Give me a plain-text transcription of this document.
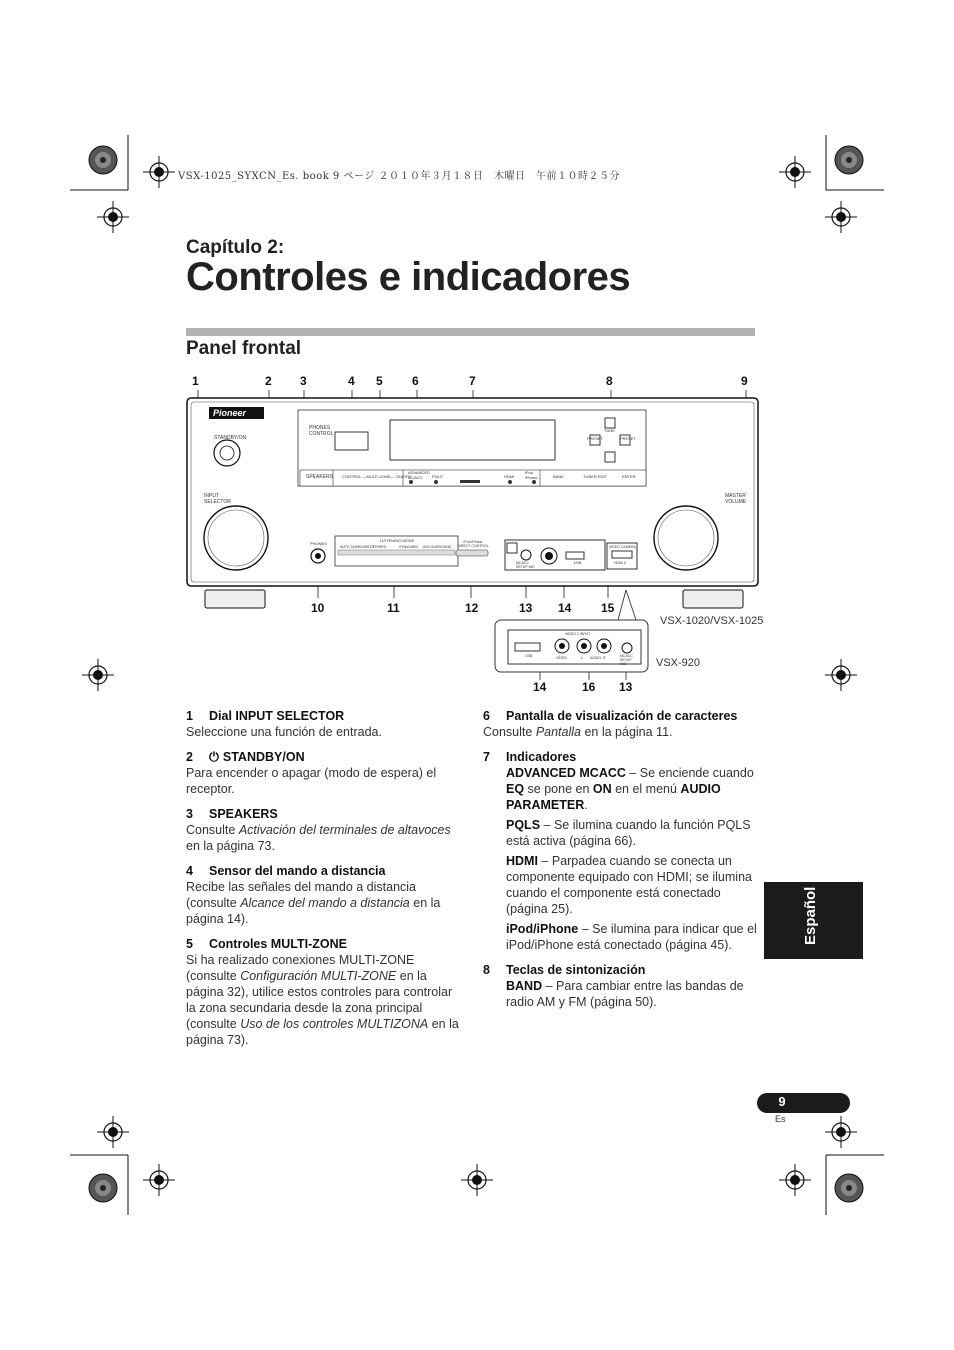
VSX-1025_SYXCN_Es. book 9 ページ ２０１０年３月１８日　木曜日　午前１０時２５分
Capítulo 2:
Controles e indicadores
Panel frontal
1	2 3	4 5 6	7	8	9
10	11	12	13 14 15
14	16 13
VSX-1020/VSX-1025
VSX-920
STANDBY/ON
PHONES CONTROL
SPEAKERS CONTROL —MULTI-ZONE— ON/OFF
ADVANCED MCACC	PQLS	HDMI
iPod iPhone	BAND	TUNER EDIT	ENTER
TUNE
PRESET	PRESET
INPUT SELECTOR
MASTER VOLUME
PHONES
LISTENING MODE
AUTO SURR/DIRECT
STEREO	STANDARD ADV SURROUND
iPod iPhone DIRECT CONTROL
MCACC SETUP MIC
USB
VIDEO CAMERA
HDMI 5
VIDEO 2 INPUT
VIDEO	L AUDIO R
USB	MCACC SETUP MIC
Pioneer
1	Dial INPUT SELECTOR
Seleccione una función de entrada.
2	⏻ STANDBY/ON
Para encender o apagar (modo de espera) el receptor.
3	SPEAKERS
Consulte Activación del terminales de altavoces en la página 73.
4	Sensor del mando a distancia
Recibe las señales del mando a distancia (consulte Alcance del mando a distancia en la página 14).
5	Controles MULTI-ZONE
Si ha realizado conexiones MULTI-ZONE (consulte Configuración MULTI-ZONE en la página 32), utilice estos controles para controlar la zona secundaria desde la zona principal (consulte Uso de los controles MULTIZONA en la página 73).
6	Pantalla de visualización de caracteres
Consulte Pantalla en la página 11.
7	Indicadores
ADVANCED MCACC – Se enciende cuando EQ se pone en ON en el menú AUDIO PARAMETER.
PQLS – Se ilumina cuando la función PQLS está activa (página 66).
HDMI – Parpadea cuando se conecta un componente equipado con HDMI; se ilumina cuando el componente está conectado (página 25).
iPod/iPhone – Se ilumina para indicar que el iPod/iPhone está conectado (página 45).
8	Teclas de sintonización
BAND – Para cambiar entre las bandas de radio AM y FM (página 50).
Español
9
Es
